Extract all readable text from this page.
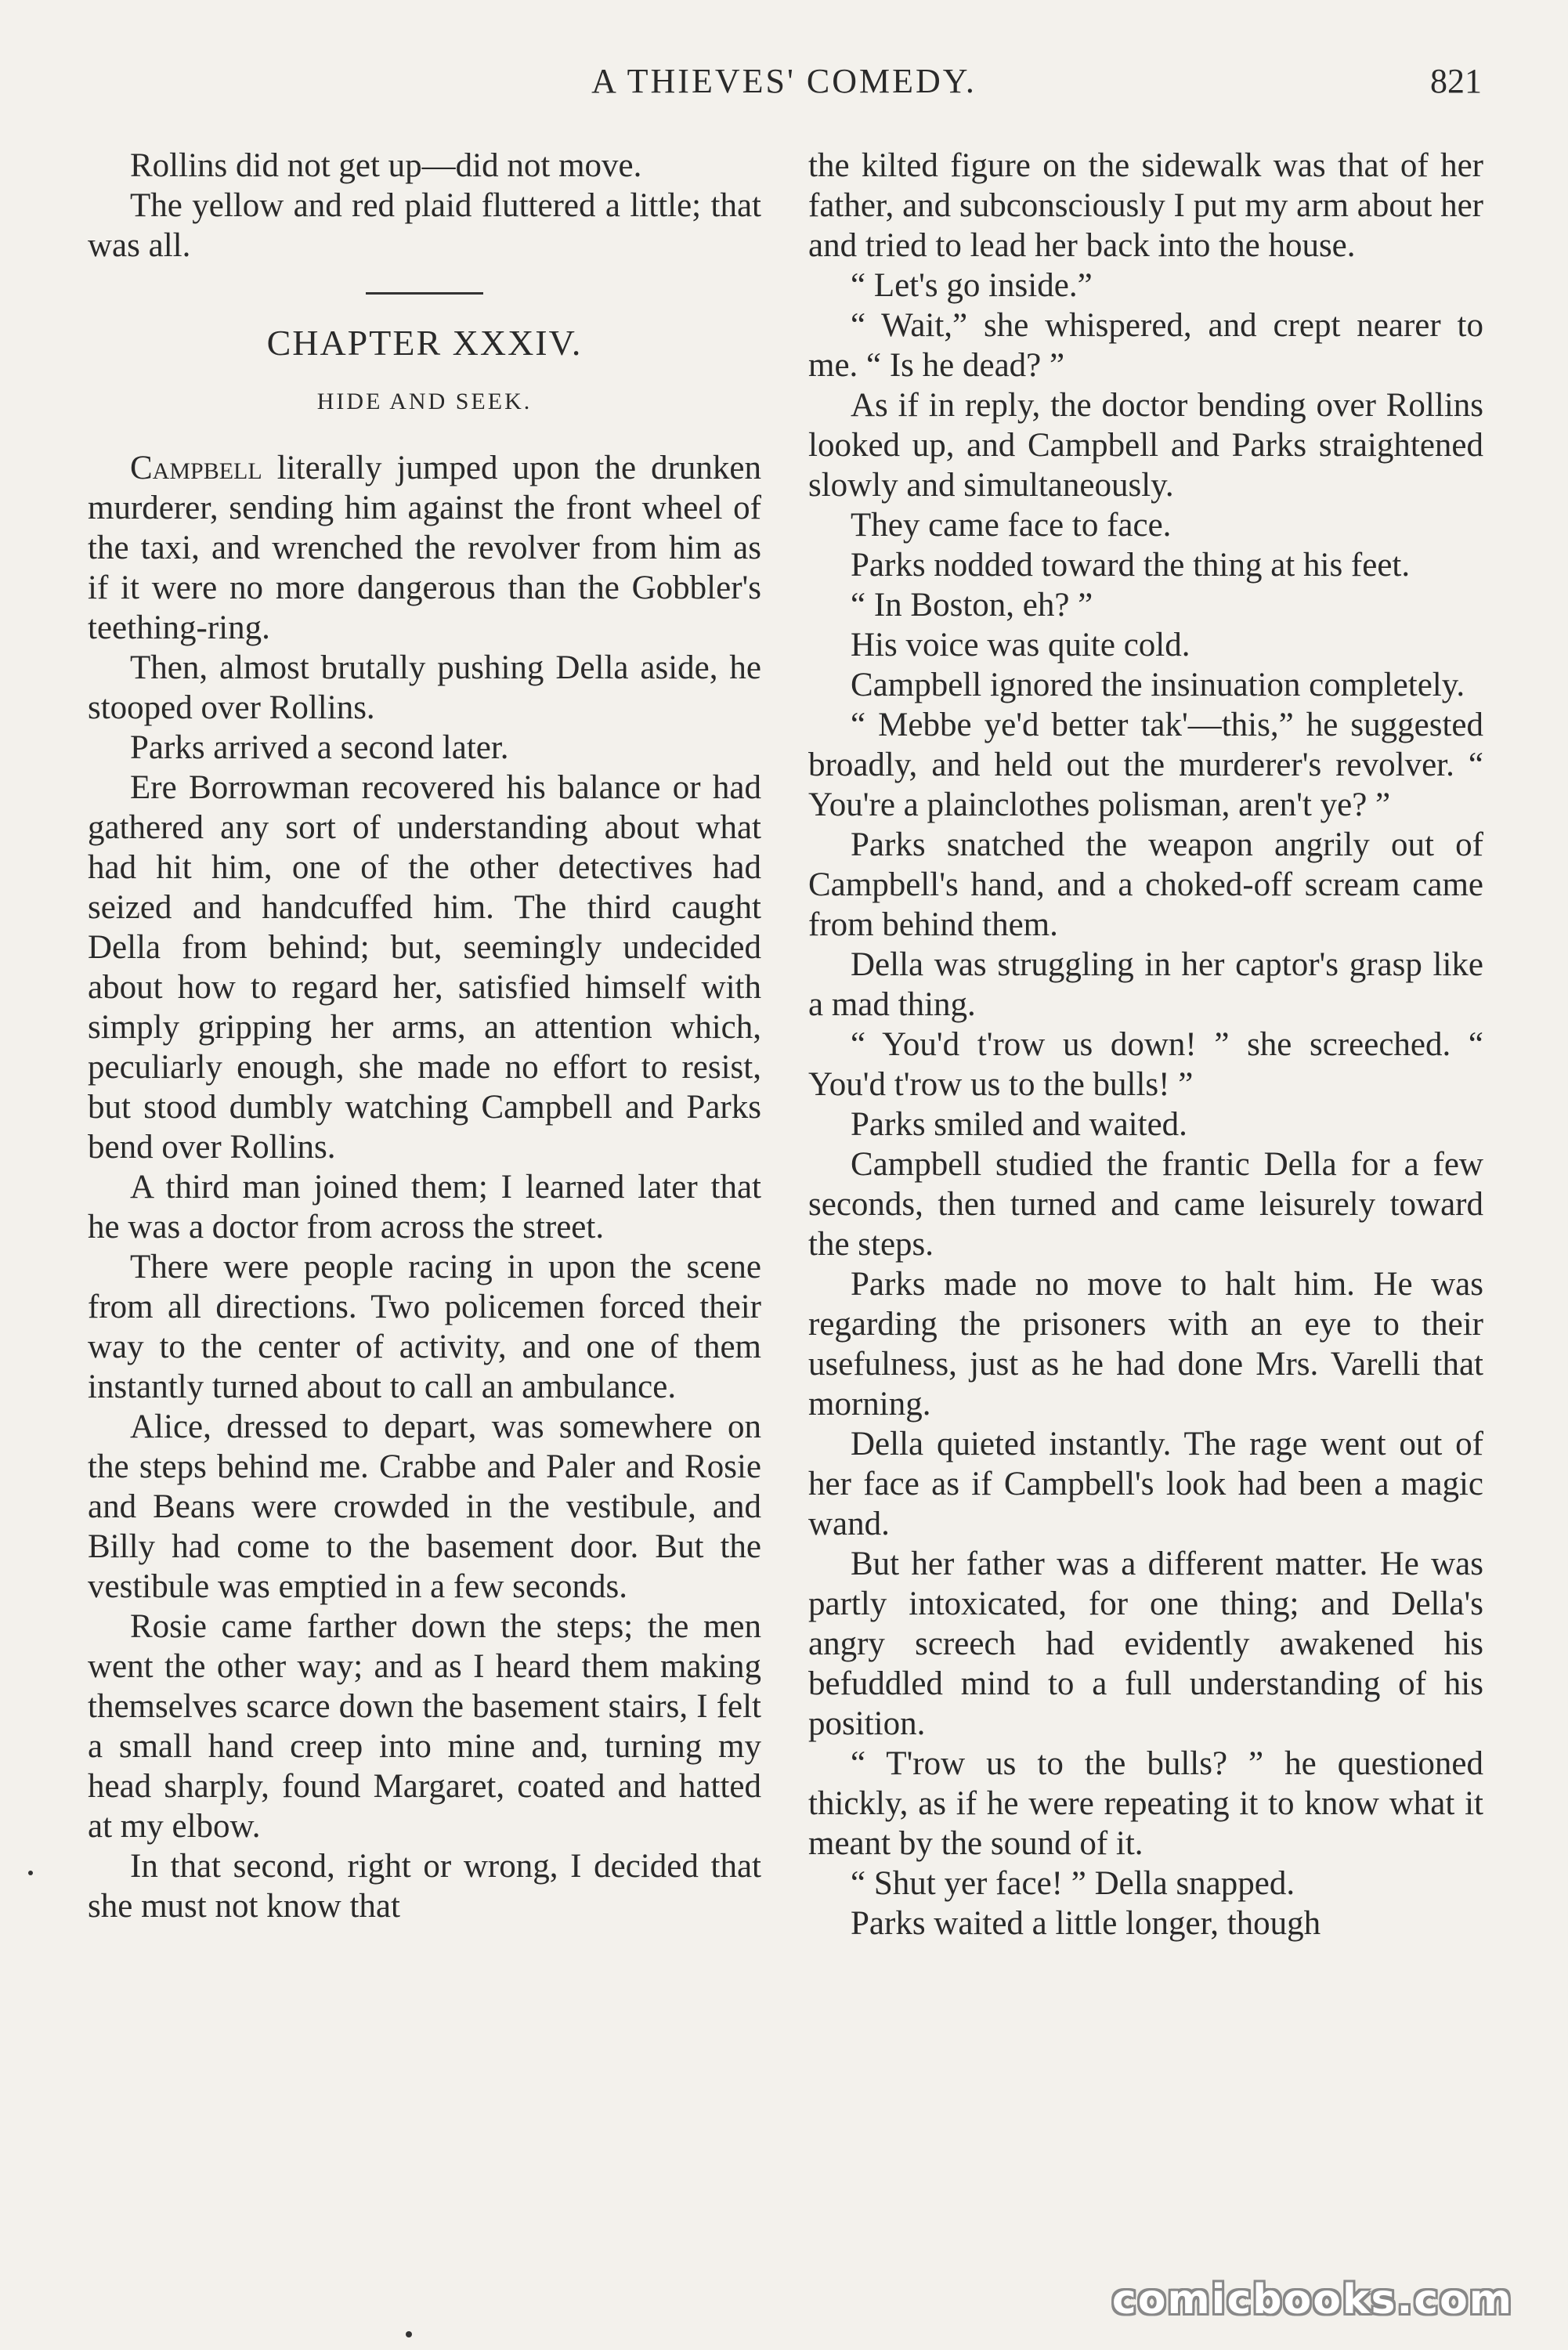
A THIEVES' COMEDY.	821

Rollins did not get up—did not move.

The yellow and red plaid fluttered a little; that was all.

CHAPTER XXXIV.
HIDE AND SEEK.

Campbell literally jumped upon the drunken murderer, sending him against the front wheel of the taxi, and wrenched the revolver from him as if it were no more dangerous than the Gobbler's teething-ring.

Then, almost brutally pushing Della aside, he stooped over Rollins.

Parks arrived a second later.

Ere Borrowman recovered his balance or had gathered any sort of understanding about what had hit him, one of the other detectives had seized and handcuffed him. The third caught Della from behind; but, seemingly undecided about how to regard her, satisfied himself with simply gripping her arms, an attention which, peculiarly enough, she made no effort to resist, but stood dumbly watching Campbell and Parks bend over Rollins.

A third man joined them; I learned later that he was a doctor from across the street.

There were people racing in upon the scene from all directions. Two policemen forced their way to the center of activity, and one of them instantly turned about to call an ambulance.

Alice, dressed to depart, was somewhere on the steps behind me. Crabbe and Paler and Rosie and Beans were crowded in the vestibule, and Billy had come to the basement door. But the vestibule was emptied in a few seconds.

Rosie came farther down the steps; the men went the other way; and as I heard them making themselves scarce down the basement stairs, I felt a small hand creep into mine and, turning my head sharply, found Margaret, coated and hatted at my elbow.

In that second, right or wrong, I decided that she must not know that

the kilted figure on the sidewalk was that of her father, and subconsciously I put my arm about her and tried to lead her back into the house.

“ Let's go inside.”

“ Wait,” she whispered, and crept nearer to me. “ Is he dead? ”

As if in reply, the doctor bending over Rollins looked up, and Campbell and Parks straightened slowly and simultaneously.

They came face to face.

Parks nodded toward the thing at his feet.

“ In Boston, eh? ”

His voice was quite cold.

Campbell ignored the insinuation completely.

“ Mebbe ye'd better tak'—this,” he suggested broadly, and held out the murderer's revolver. “ You're a plainclothes polisman, aren't ye? ”

Parks snatched the weapon angrily out of Campbell's hand, and a choked-off scream came from behind them.

Della was struggling in her captor's grasp like a mad thing.

“ You'd t'row us down! ” she screeched. “ You'd t'row us to the bulls! ”

Parks smiled and waited.

Campbell studied the frantic Della for a few seconds, then turned and came leisurely toward the steps.

Parks made no move to halt him. He was regarding the prisoners with an eye to their usefulness, just as he had done Mrs. Varelli that morning.

Della quieted instantly. The rage went out of her face as if Campbell's look had been a magic wand.

But her father was a different matter. He was partly intoxicated, for one thing; and Della's angry screech had evidently awakened his befuddled mind to a full understanding of his position.

“ T'row us to the bulls? ” he questioned thickly, as if he were repeating it to know what it meant by the sound of it.

“ Shut yer face! ” Della snapped.

Parks waited a little longer, though

comicbooks.com
